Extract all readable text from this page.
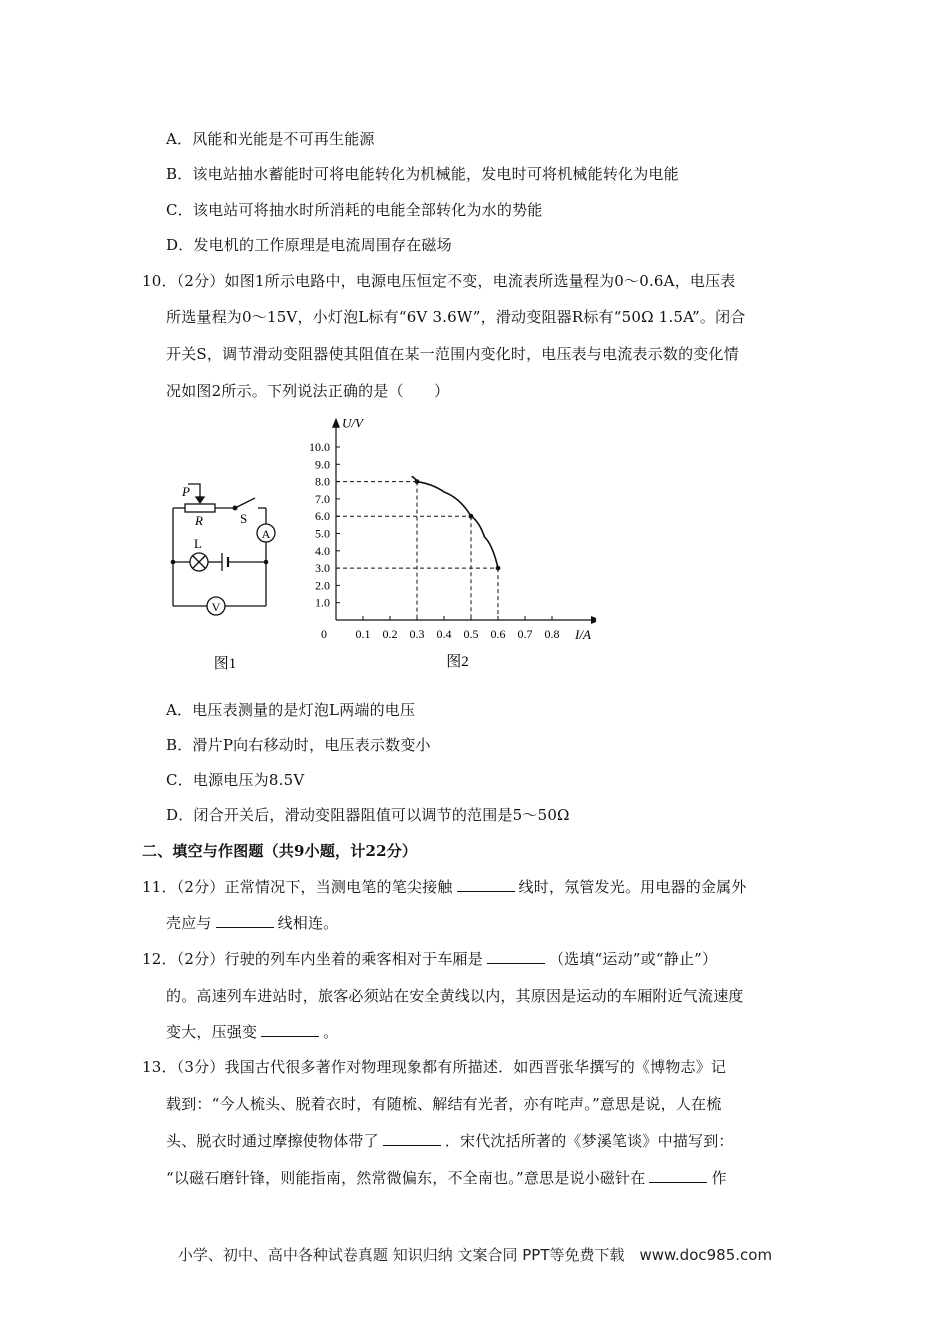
A．风能和光能是不可再生能源
B．该电站抽水蓄能时可将电能转化为机械能，发电时可将机械能转化为电能
C．该电站可将抽水时所消耗的电能全部转化为水的势能
D．发电机的工作原理是电流周围存在磁场
10．（2分）如图1所示电路中，电源电压恒定不变，电流表所选量程为0～0.6A，电压表
所选量程为0～15V，小灯泡L标有“6V 3.6W”，滑动变阻器R标有“50Ω 1.5A”。闭合
开关S，调节滑动变阻器使其阻值在某一范围内变化时，电压表与电流表示数的变化情
况如图2所示。下列说法正确的是（　　）
P
R	S
L
A
V
图1
0.1 0.2 0.3 0.4 0.5 0.6 0.7 0.8
1.0
2.0
3.0
4.0
5.0
6.0
7.0
8.0
9.0
10.0
0
U/V
I/A
图2
A．电压表测量的是灯泡L两端的电压
B．滑片P向右移动时，电压表示数变小
C．电源电压为8.5V
D．闭合开关后，滑动变阻器阻值可以调节的范围是5～50Ω
二、填空与作图题（共9小题，计22分）
11．（2分）正常情况下，当测电笔的笔尖接触	线时，氖管发光。用电器的金属外
壳应与	线相连。
12．（2分）行驶的列车内坐着的乘客相对于车厢是	（选填“运动”或“静止”）
的。高速列车进站时，旅客必须站在安全黄线以内，其原因是运动的车厢附近气流速度
变大，压强变	。
13．（3分）我国古代很多著作对物理现象都有所描述．如西晋张华撰写的《博物志》记
载到：“今人梳头、脱着衣时，有随梳、解结有光者，亦有咤声。”意思是说，人在梳
头、脱衣时通过摩擦使物体带了	．宋代沈括所著的《梦溪笔谈》中描写到：
“以磁石磨针锋，则能指南，然常微偏东，不全南也。”意思是说小磁针在	作
小学、初中、高中各种试卷真题 知识归纳 文案合同 PPT等免费下载　www.doc985.com
